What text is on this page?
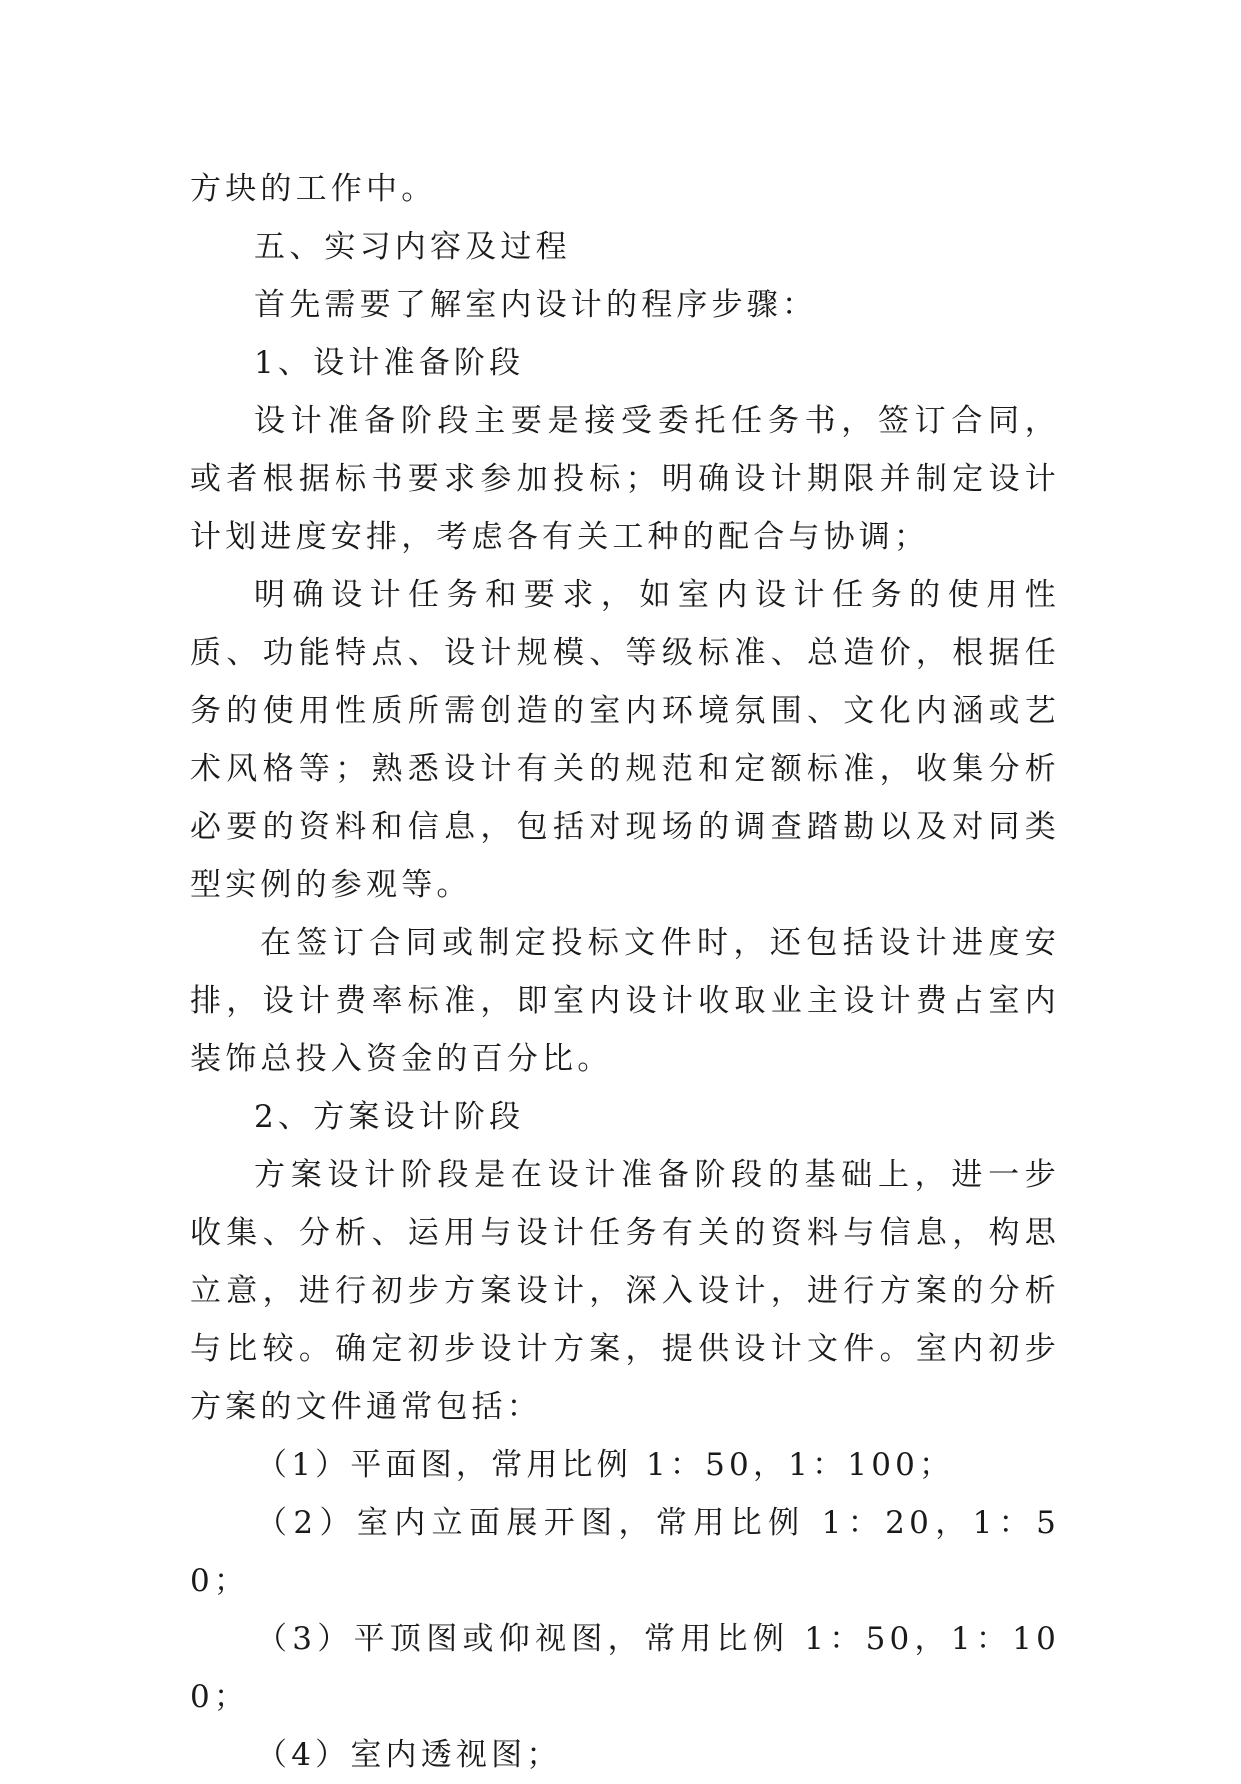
方块的工作中。

五、实习内容及过程

首先需要了解室内设计的程序步骤：

1、设计准备阶段

设计准备阶段主要是接受委托任务书，签订合同，或者根据标书要求参加投标；明确设计期限并制定设计计划进度安排，考虑各有关工种的配合与协调；

明确设计任务和要求，如室内设计任务的使用性质、功能特点、设计规模、等级标准、总造价，根据任务的使用性质所需创造的室内环境氛围、文化内涵或艺术风格等；熟悉设计有关的规范和定额标准，收集分析必要的资料和信息，包括对现场的调查踏勘以及对同类型实例的参观等。

在签订合同或制定投标文件时，还包括设计进度安排，设计费率标准，即室内设计收取业主设计费占室内装饰总投入资金的百分比。

2、方案设计阶段

方案设计阶段是在设计准备阶段的基础上，进一步收集、分析、运用与设计任务有关的资料与信息，构思立意，进行初步方案设计，深入设计，进行方案的分析与比较。确定初步设计方案，提供设计文件。室内初步方案的文件通常包括：

（1）平面图，常用比例 1：50，1：100；

（2）室内立面展开图，常用比例 1：20，1：50；

（3）平顶图或仰视图，常用比例 1：50，1：100；

（4）室内透视图；
